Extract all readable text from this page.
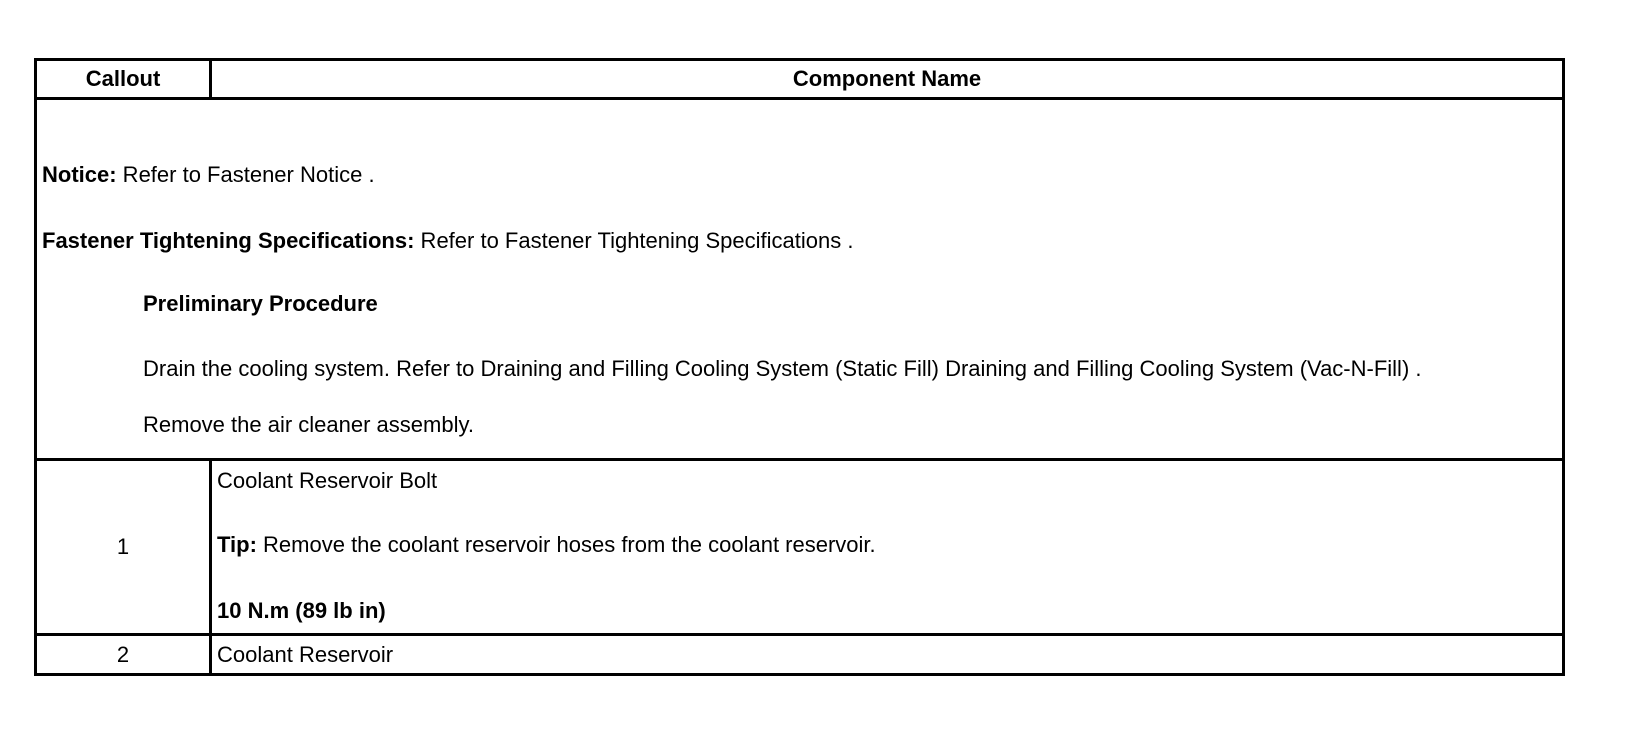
Callout	Component Name

Notice: Refer to Fastener Notice .
Fastener Tightening Specifications: Refer to Fastener Tightening Specifications .
Preliminary Procedure
Drain the cooling system. Refer to Draining and Filling Cooling System (Static Fill) Draining and Filling Cooling System (Vac-N-Fill) .
Remove the air cleaner assembly.	

1	Coolant Reservoir Bolt
Tip: Remove the coolant reservoir hoses from the coolant reservoir.
10 N.m (89 lb in)

2	Coolant Reservoir
